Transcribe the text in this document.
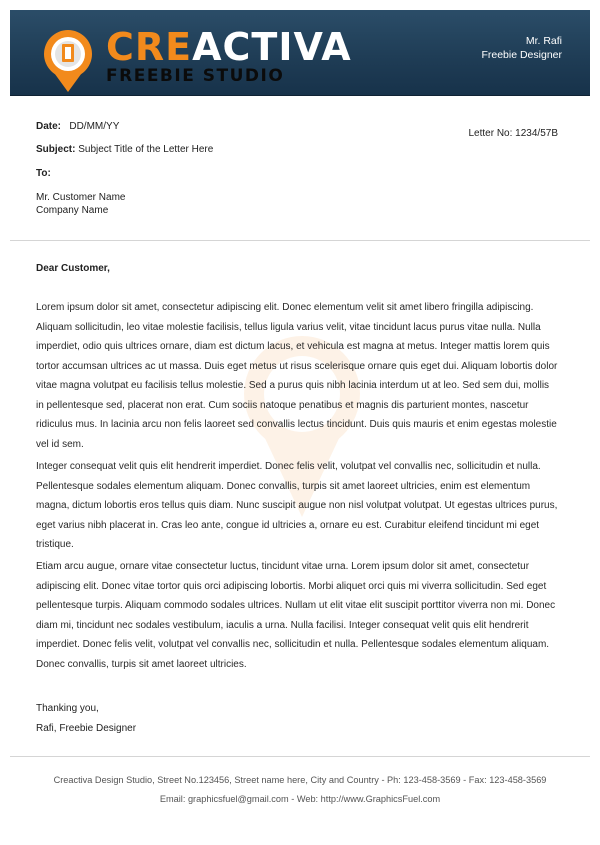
CREACTIVA
FREEBIE STUDIO
Mr. Rafi
Freebie Designer
Date: DD/MM/YY
Letter No: 1234/57B
Subject: Subject Title of the Letter Here
To:
Mr. Customer Name
Company Name
Dear Customer,

Lorem ipsum dolor sit amet, consectetur adipiscing elit. Donec elementum velit sit amet libero fringilla adipiscing. Aliquam sollicitudin, leo vitae molestie facilisis, tellus ligula varius velit, vitae tincidunt lacus purus vitae nulla. Nulla imperdiet, odio quis ultrices ornare, diam est dictum lacus, et vehicula est magna at metus. Integer mattis lorem quis tortor accumsan ultrices ac ut massa. Duis eget metus ut risus scelerisque ornare quis eget dui. Aliquam lobortis dolor vitae magna volutpat eu facilisis tellus molestie. Sed a purus quis nibh lacinia interdum ut at leo. Sed sem dui, mollis in pellentesque sed, placerat non erat. Cum sociis natoque penatibus et magnis dis parturient montes, nascetur ridiculus mus. In lacinia arcu non felis laoreet sed convallis lectus tincidunt. Duis quis mauris et enim egestas molestie vel id sem.

Integer consequat velit quis elit hendrerit imperdiet. Donec felis velit, volutpat vel convallis nec, sollicitudin et nulla. Pellentesque sodales elementum aliquam. Donec convallis, turpis sit amet laoreet ultricies, enim est elementum magna, dictum lobortis eros tellus quis diam. Nunc suscipit augue non nisl volutpat volutpat. Ut egestas ultrices purus, eget varius nibh placerat in. Cras leo ante, congue id ultricies a, ornare eu est. Curabitur eleifend tincidunt mi eget tristique.

Etiam arcu augue, ornare vitae consectetur luctus, tincidunt vitae urna. Lorem ipsum dolor sit amet, consectetur adipiscing elit. Donec vitae tortor quis orci adipiscing lobortis. Morbi aliquet orci quis mi viverra sollicitudin. Sed eget pellentesque turpis. Aliquam commodo sodales ultrices. Nullam ut elit vitae elit suscipit porttitor viverra non mi. Donec diam mi, tincidunt nec sodales vestibulum, iaculis a urna. Nulla facilisi. Integer consequat velit quis elit hendrerit imperdiet. Donec felis velit, volutpat vel convallis nec, sollicitudin et nulla. Pellentesque sodales elementum aliquam. Donec convallis, turpis sit amet laoreet ultricies.

Thanking you,
Rafi, Freebie Designer
Creactiva Design Studio, Street No.123456, Street name here, City and Country - Ph: 123-458-3569 - Fax: 123-458-3569
Email: graphicsfuel@gmail.com - Web: http://www.GraphicsFuel.com
